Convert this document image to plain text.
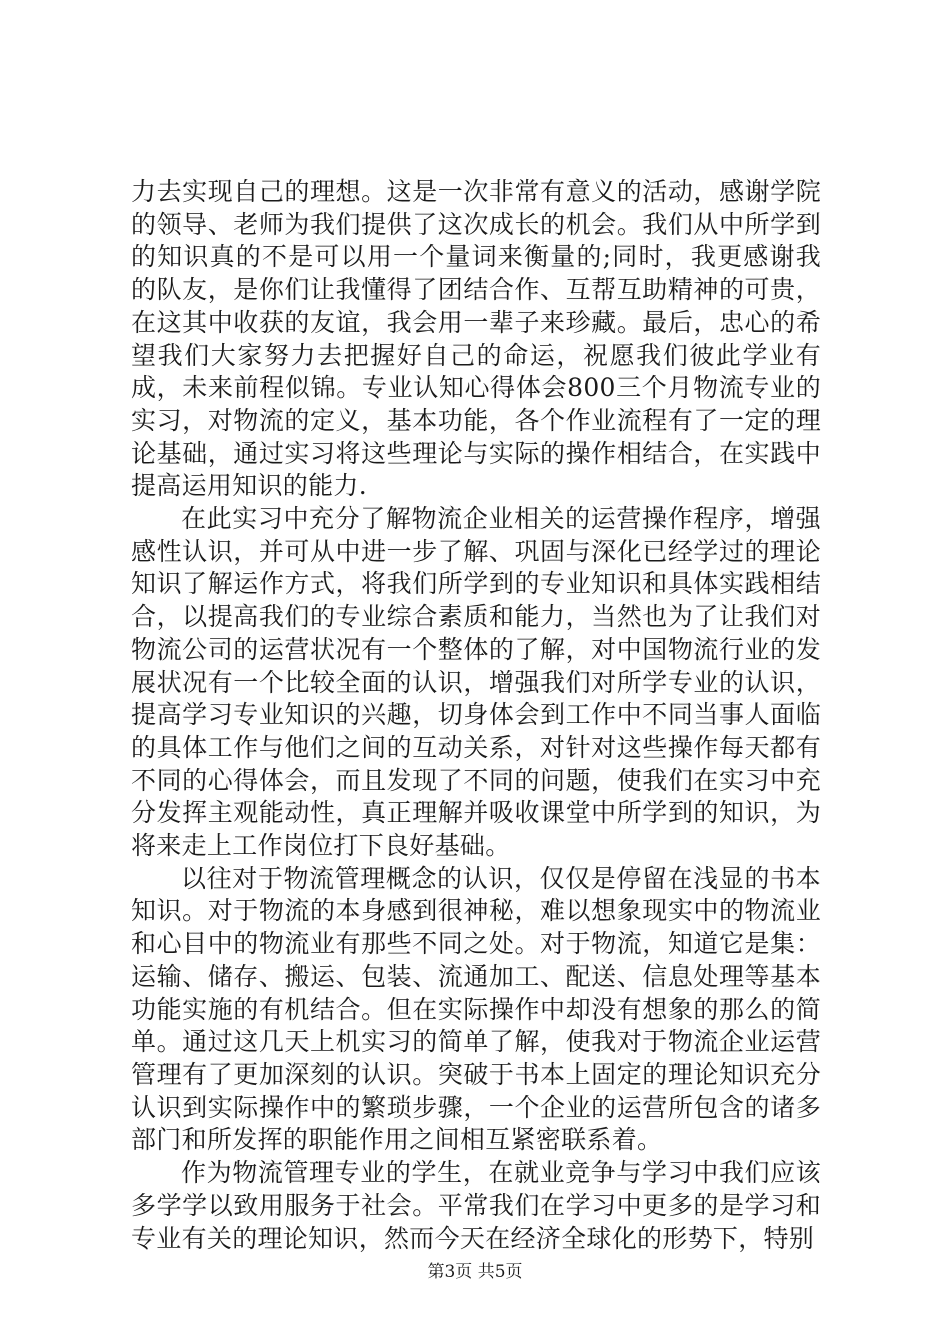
力去实现自己的理想。这是一次非常有意义的活动，感谢学院的领导、老师为我们提供了这次成长的机会。我们从中所学到的知识真的不是可以用一个量词来衡量的;同时，我更感谢我的队友，是你们让我懂得了团结合作、互帮互助精神的可贵，在这其中收获的友谊，我会用一辈子来珍藏。最后，忠心的希望我们大家努力去把握好自己的命运，祝愿我们彼此学业有成，未来前程似锦。专业认知心得体会800三个月物流专业的实习，对物流的定义，基本功能，各个作业流程有了一定的理论基础，通过实习将这些理论与实际的操作相结合，在实践中提高运用知识的能力.

在此实习中充分了解物流企业相关的运营操作程序，增强感性认识，并可从中进一步了解、巩固与深化已经学过的理论知识了解运作方式，将我们所学到的专业知识和具体实践相结合，以提高我们的专业综合素质和能力，当然也为了让我们对物流公司的运营状况有一个整体的了解，对中国物流行业的发展状况有一个比较全面的认识，增强我们对所学专业的认识，提高学习专业知识的兴趣，切身体会到工作中不同当事人面临的具体工作与他们之间的互动关系，对针对这些操作每天都有不同的心得体会，而且发现了不同的问题，使我们在实习中充分发挥主观能动性，真正理解并吸收课堂中所学到的知识，为将来走上工作岗位打下良好基础。

以往对于物流管理概念的认识，仅仅是停留在浅显的书本知识。对于物流的本身感到很神秘，难以想象现实中的物流业和心目中的物流业有那些不同之处。对于物流，知道它是集：运输、储存、搬运、包装、流通加工、配送、信息处理等基本功能实施的有机结合。但在实际操作中却没有想象的那么的简单。通过这几天上机实习的简单了解，使我对于物流企业运营管理有了更加深刻的认识。突破于书本上固定的理论知识充分认识到实际操作中的繁琐步骤，一个企业的运营所包含的诸多部门和所发挥的职能作用之间相互紧密联系着。

作为物流管理专业的学生，在就业竞争与学习中我们应该多学学以致用服务于社会。平常我们在学习中更多的是学习和专业有关的理论知识，然而今天在经济全球化的形势下，特别

第3页 共5页
